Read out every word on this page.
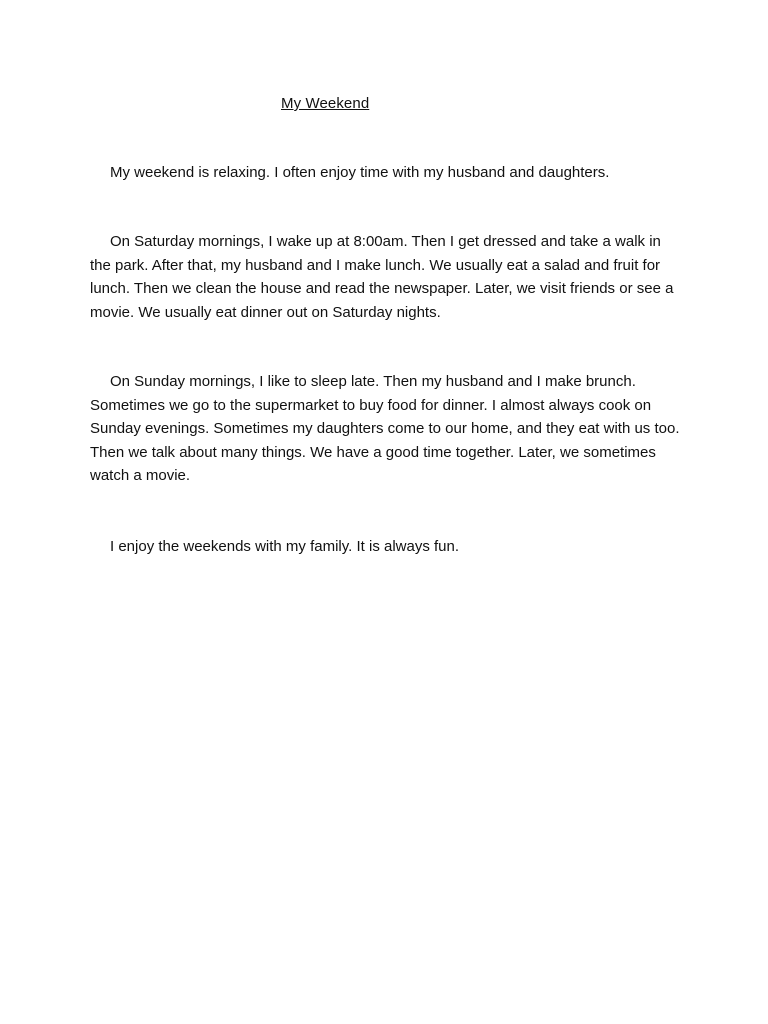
My Weekend

My weekend is relaxing. I often enjoy time with my husband and daughters.

On Saturday mornings, I wake up at 8:00am. Then I get dressed and take a walk in the park. After that, my husband and I make lunch. We usually eat a salad and fruit for lunch. Then we clean the house and read the newspaper. Later, we visit friends or see a movie. We usually eat dinner out on Saturday nights.

On Sunday mornings, I like to sleep late. Then my husband and I make brunch. Sometimes we go to the supermarket to buy food for dinner. I almost always cook on Sunday evenings. Sometimes my daughters come to our home, and they eat with us too. Then we talk about many things. We have a good time together. Later, we sometimes watch a movie.

I enjoy the weekends with my family. It is always fun.
